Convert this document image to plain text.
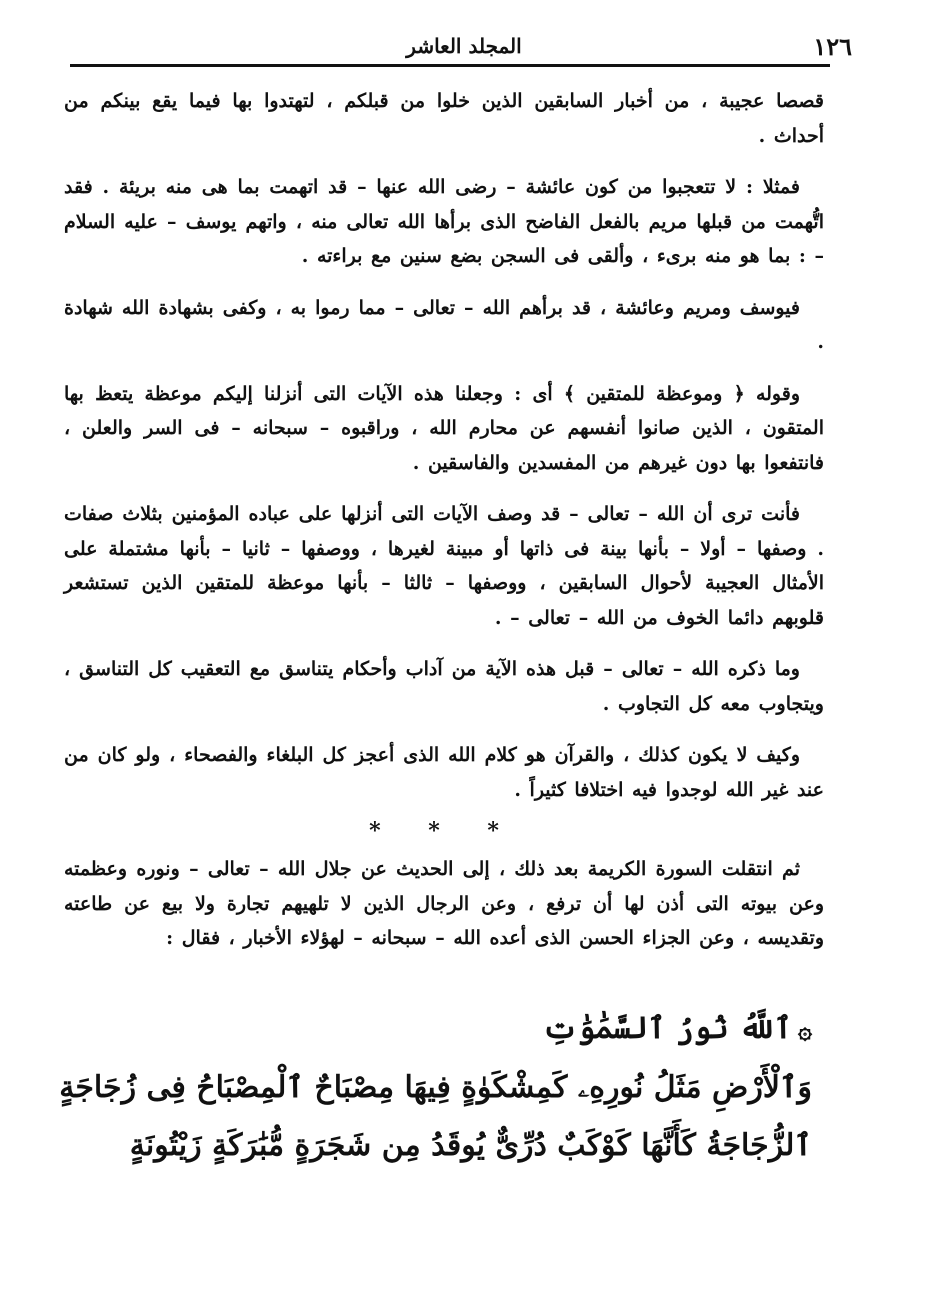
١٢٦
المجلد العاشر

قصصا عجيبة ، من أخبار السابقين الذين خلوا من قبلكم ، لتهتدوا بها فيما يقع بينكم من أحداث .

فمثلا : لا تتعجبوا من كون عائشة – رضى الله عنها – قد اتهمت بما هى منه بريئة . فقد اتُّهمت من قبلها مريم بالفعل الفاضح الذى برأها الله تعالى منه ، واتهم يوسف – عليه السلام – : بما هو منه برىء ، وألقى فى السجن بضع سنين مع براءته .

فيوسف ومريم وعائشة ، قد برأهم الله – تعالى – مما رموا به ، وكفى بشهادة الله شهادة .

وقوله ﴿ وموعظة للمتقين ﴾ أى : وجعلنا هذه الآيات التى أنزلنا إليكم موعظة يتعظ بها المتقون ، الذين صانوا أنفسهم عن محارم الله ، وراقبوه – سبحانه – فى السر والعلن ، فانتفعوا بها دون غيرهم من المفسدين والفاسقين .

فأنت ترى أن الله – تعالى – قد وصف الآيات التى أنزلها على عباده المؤمنين بثلاث صفات . وصفها – أولا – بأنها بينة فى ذاتها أو مبينة لغيرها ، ووصفها – ثانيا – بأنها مشتملة على الأمثال العجيبة لأحوال السابقين ، ووصفها – ثالثا – بأنها موعظة للمتقين الذين تستشعر قلوبهم دائما الخوف من الله – تعالى – .

وما ذكره الله – تعالى – قبل هذه الآية من آداب وأحكام يتناسق مع التعقيب كل التناسق ، ويتجاوب معه كل التجاوب .

وكيف لا يكون كذلك ، والقرآن هو كلام الله الذى أعجز كل البلغاء والفصحاء ، ولو كان من عند غير الله لوجدوا فيه اختلافا كثيراً .

* * *

ثم انتقلت السورة الكريمة بعد ذلك ، إلى الحديث عن جلال الله – تعالى – ونوره وعظمته وعن بيوته التى أذن لها أن ترفع ، وعن الرجال الذين لا تلهيهم تجارة ولا بيع عن طاعته وتقديسه ، وعن الجزاء الحسن الذى أعده الله – سبحانه – لهؤلاء الأخبار ، فقال :

۞ٱللَّهُ نُورُ ٱلسَّمَٰوَٰتِ
وَٱلْأَرْضِ مَثَلُ نُورِهِۦ كَمِشْكَوٰةٍ فِيهَا مِصْبَاحٌ ٱلْمِصْبَاحُ فِى زُجَاجَةٍ
ٱلزُّجَاجَةُ كَأَنَّهَا كَوْكَبٌ دُرِّىٌّ يُوقَدُ مِن شَجَرَةٍ مُّبَٰرَكَةٍ زَيْتُونَةٍ
